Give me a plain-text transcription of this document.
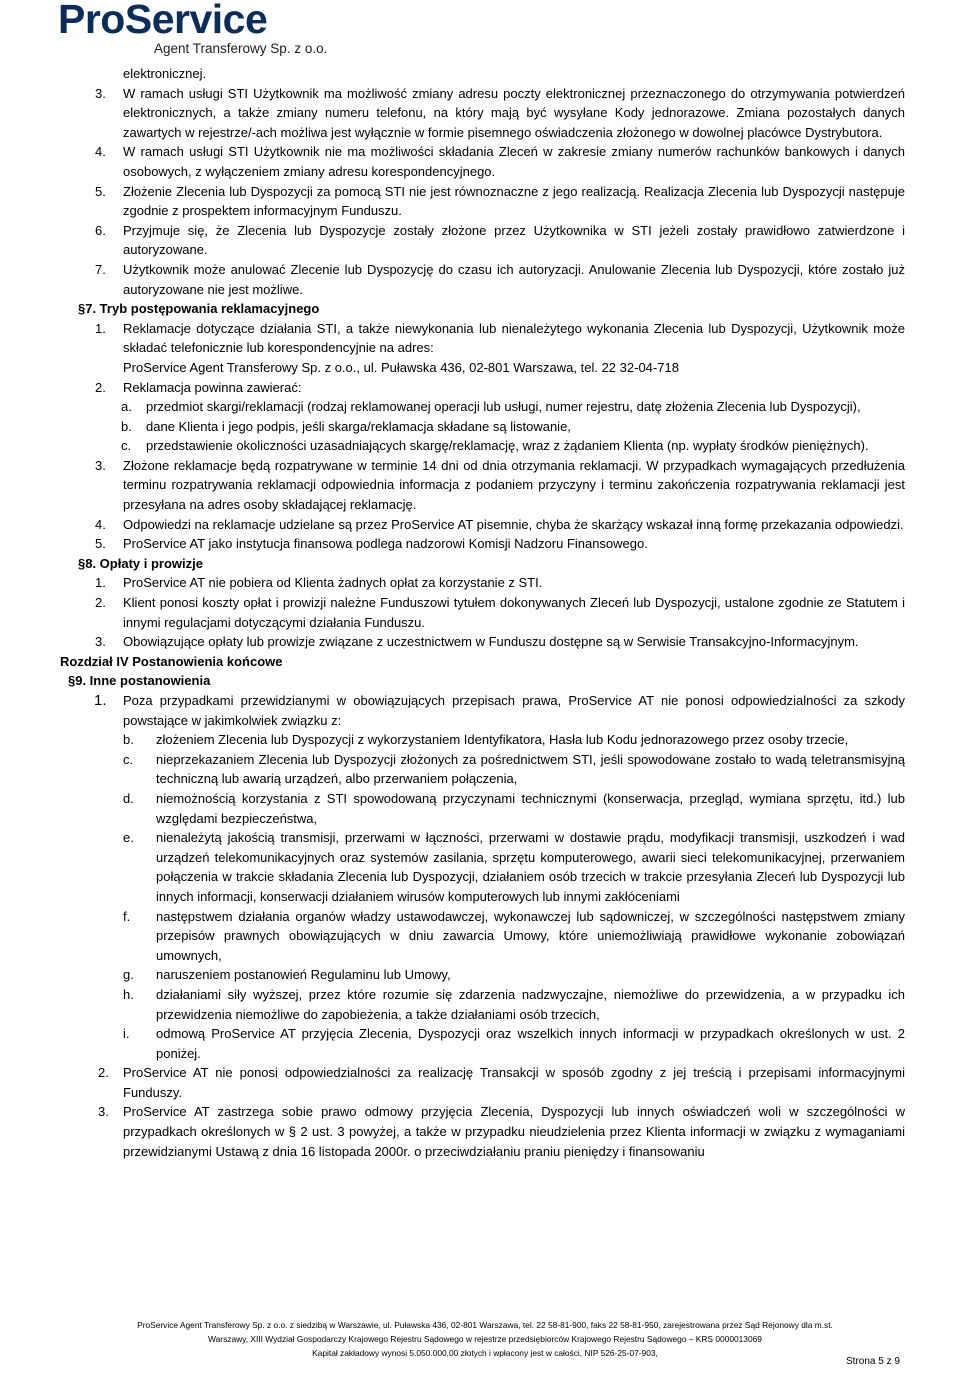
ProService
Agent Transferowy Sp. z o.o.
elektronicznej.
3. W ramach usługi STI Użytkownik ma możliwość zmiany adresu poczty elektronicznej przeznaczonego do otrzymywania potwierdzeń elektronicznych, a także zmiany numeru telefonu, na który mają być wysyłane Kody jednorazowe. Zmiana pozostałych danych zawartych w rejestrze/-ach możliwa jest wyłącznie w formie pisemnego oświadczenia złożonego w dowolnej placówce Dystrybutora.
4. W ramach usługi STI Użytkownik nie ma możliwości składania Zleceń w zakresie zmiany numerów rachunków bankowych i danych osobowych, z wyłączeniem zmiany adresu korespondencyjnego.
5. Złożenie Zlecenia lub Dyspozycji za pomocą STI nie jest równoznaczne z jego realizacją. Realizacja Zlecenia lub Dyspozycji następuje zgodnie z prospektem informacyjnym Funduszu.
6. Przyjmuje się, że Zlecenia lub Dyspozycje zostały złożone przez Użytkownika w STI jeżeli zostały prawidłowo zatwierdzone i autoryzowane.
7. Użytkownik może anulować Zlecenie lub Dyspozycję do czasu ich autoryzacji. Anulowanie Zlecenia lub Dyspozycji, które zostało już autoryzowane nie jest możliwe.
§7. Tryb postępowania reklamacyjnego
1. Reklamacje dotyczące działania STI, a także niewykonania lub nienależytego wykonania Zlecenia lub Dyspozycji, Użytkownik może składać telefonicznie lub korespondencyjnie na adres:
ProService Agent Transferowy Sp. z o.o., ul. Puławska 436, 02-801 Warszawa, tel. 22 32-04-718
2. Reklamacja powinna zawierać:
a. przedmiot skargi/reklamacji (rodzaj reklamowanej operacji lub usługi, numer rejestru, datę złożenia Zlecenia lub Dyspozycji),
b. dane Klienta i jego podpis, jeśli skarga/reklamacja składane są listowanie,
c. przedstawienie okoliczności uzasadniających skargę/reklamację, wraz z żądaniem Klienta (np. wypłaty środków pieniężnych).
3. Złożone reklamacje będą rozpatrywane w terminie 14 dni od dnia otrzymania reklamacji. W przypadkach wymagających przedłużenia terminu rozpatrywania reklamacji odpowiednia informacja z podaniem przyczyny i terminu zakończenia rozpatrywania reklamacji jest przesyłana na adres osoby składającej reklamację.
4. Odpowiedzi na reklamacje udzielane są przez ProService AT pisemnie, chyba że skarżący wskazał inną formę przekazania odpowiedzi.
5. ProService AT jako instytucja finansowa podlega nadzorowi Komisji Nadzoru Finansowego.
§8. Opłaty i prowizje
1. ProService AT nie pobiera od Klienta żadnych opłat za korzystanie z STI.
2. Klient ponosi koszty opłat i prowizji należne Funduszowi tytułem dokonywanych Zleceń lub Dyspozycji, ustalone zgodnie ze Statutem i innymi regulacjami dotyczącymi działania Funduszu.
3. Obowiązujące opłaty lub prowizje związane z uczestnictwem w Funduszu dostępne są w Serwisie Transakcyjno-Informacyjnym.
Rozdział IV Postanowienia końcowe
§9. Inne postanowienia
1. Poza przypadkami przewidzianymi w obowiązujących przepisach prawa, ProService AT nie ponosi odpowiedzialności za szkody powstające w jakimkolwiek związku z:
b. złożeniem Zlecenia lub Dyspozycji z wykorzystaniem Identyfikatora, Hasła lub Kodu jednorazowego przez osoby trzecie,
c. nieprzekazaniem Zlecenia lub Dyspozycji złożonych za pośrednictwem STI, jeśli spowodowane zostało to wadą teletransmisyjną techniczną lub awarią urządzeń, albo przerwaniem połączenia,
d. niemożnością korzystania z STI spowodowaną przyczynami technicznymi (konserwacja, przegląd, wymiana sprzętu, itd.) lub względami bezpieczeństwa,
e. nienależytą jakością transmisji, przerwami w łączności, przerwami w dostawie prądu, modyfikacji transmisji, uszkodzeń i wad urządzeń telekomunikacyjnych oraz systemów zasilania, sprzętu komputerowego, awarii sieci telekomunikacyjnej, przerwaniem połączenia w trakcie składania Zlecenia lub Dyspozycji, działaniem osób trzecich w trakcie przesyłania Zleceń lub Dyspozycji lub innych informacji, konserwacji działaniem wirusów komputerowych lub innymi zakłóceniami
f. następstwem działania organów władzy ustawodawczej, wykonawczej lub sądowniczej, w szczególności następstwem zmiany przepisów prawnych obowiązujących w dniu zawarcia Umowy, które uniemożliwiają prawidłowe wykonanie zobowiązań umownych,
g. naruszeniem postanowień Regulaminu lub Umowy,
h. działaniami siły wyższej, przez które rozumie się zdarzenia nadzwyczajne, niemożliwe do przewidzenia, a w przypadku ich przewidzenia niemożliwe do zapobieżenia, a także działaniami osób trzecich,
i. odmową ProService AT przyjęcia Zlecenia, Dyspozycji oraz wszelkich innych informacji w przypadkach określonych w ust. 2 poniżej.
2. ProService AT nie ponosi odpowiedzialności za realizację Transakcji w sposób zgodny z jej treścią i przepisami informacyjnymi Funduszy.
3. ProService AT zastrzega sobie prawo odmowy przyjęcia Zlecenia, Dyspozycji lub innych oświadczeń woli w szczególności w przypadkach określonych w § 2 ust. 3 powyżej, a także w przypadku nieudzielenia przez Klienta informacji w związku z wymaganiami przewidzianymi Ustawą z dnia 16 listopada 2000r. o przeciwdziałaniu praniu pieniędzy i finansowaniu
ProService Agent Transferowy Sp. z o.o. z siedzibą w Warszawie, ul. Puławska 436, 02-801 Warszawa, tel. 22 58-81-900, faks 22 58-81-950, zarejestrowana przez Sąd Rejonowy dla m.st.
Warszawy, XIII Wydział Gospodarczy Krajowego Rejestru Sądowego w rejestrze przedsiębiorców Krajowego Rejestru Sądowego – KRS 0000013069
Kapitał zakładowy wynosi 5.050.000,00 złotych i wpłacony jest w całości, NIP 526-25-07-903,
Strona 5 z 9
